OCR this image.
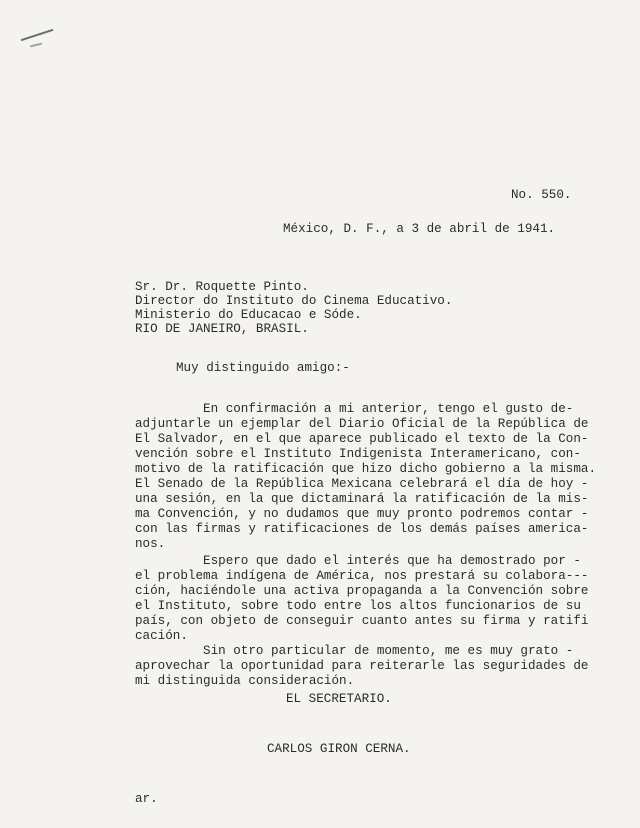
No. 550.
México, D. F., a 3 de abril de 1941.
Sr. Dr. Roquette Pinto.
Director do Instituto do Cinema Educativo.
Ministerio do Educacao e Sóde.
RIO DE JANEIRO, BRASIL.
Muy distinguido amigo:-
En confirmación a mi anterior, tengo el gusto de-
adjuntarle un ejemplar del Diario Oficial de la República de
El Salvador, en el que aparece publicado el texto de la Con-
vención sobre el Instituto Indigenista Interamericano, con-
motivo de la ratificación que hizo dicho gobierno a la misma.
El Senado de la República Mexicana celebrará el día de hoy -
una sesión, en la que dictaminará la ratificación de la mis-
ma Convención, y no dudamos que muy pronto podremos contar -
con las firmas y ratificaciones de los demás países america-
nos.
Espero que dado el interés que ha demostrado por -
el problema indígena de América, nos prestará su colabora---
ción, haciéndole una activa propaganda a la Convención sobre
el Instituto, sobre todo entre los altos funcionarios de su
país, con objeto de conseguir cuanto antes su firma y ratifi
cación.
Sin otro particular de momento, me es muy grato -
aprovechar la oportunidad para reiterarle las seguridades de
mi distinguida consideración.
EL SECRETARIO.
CARLOS GIRON CERNA.
ar.
